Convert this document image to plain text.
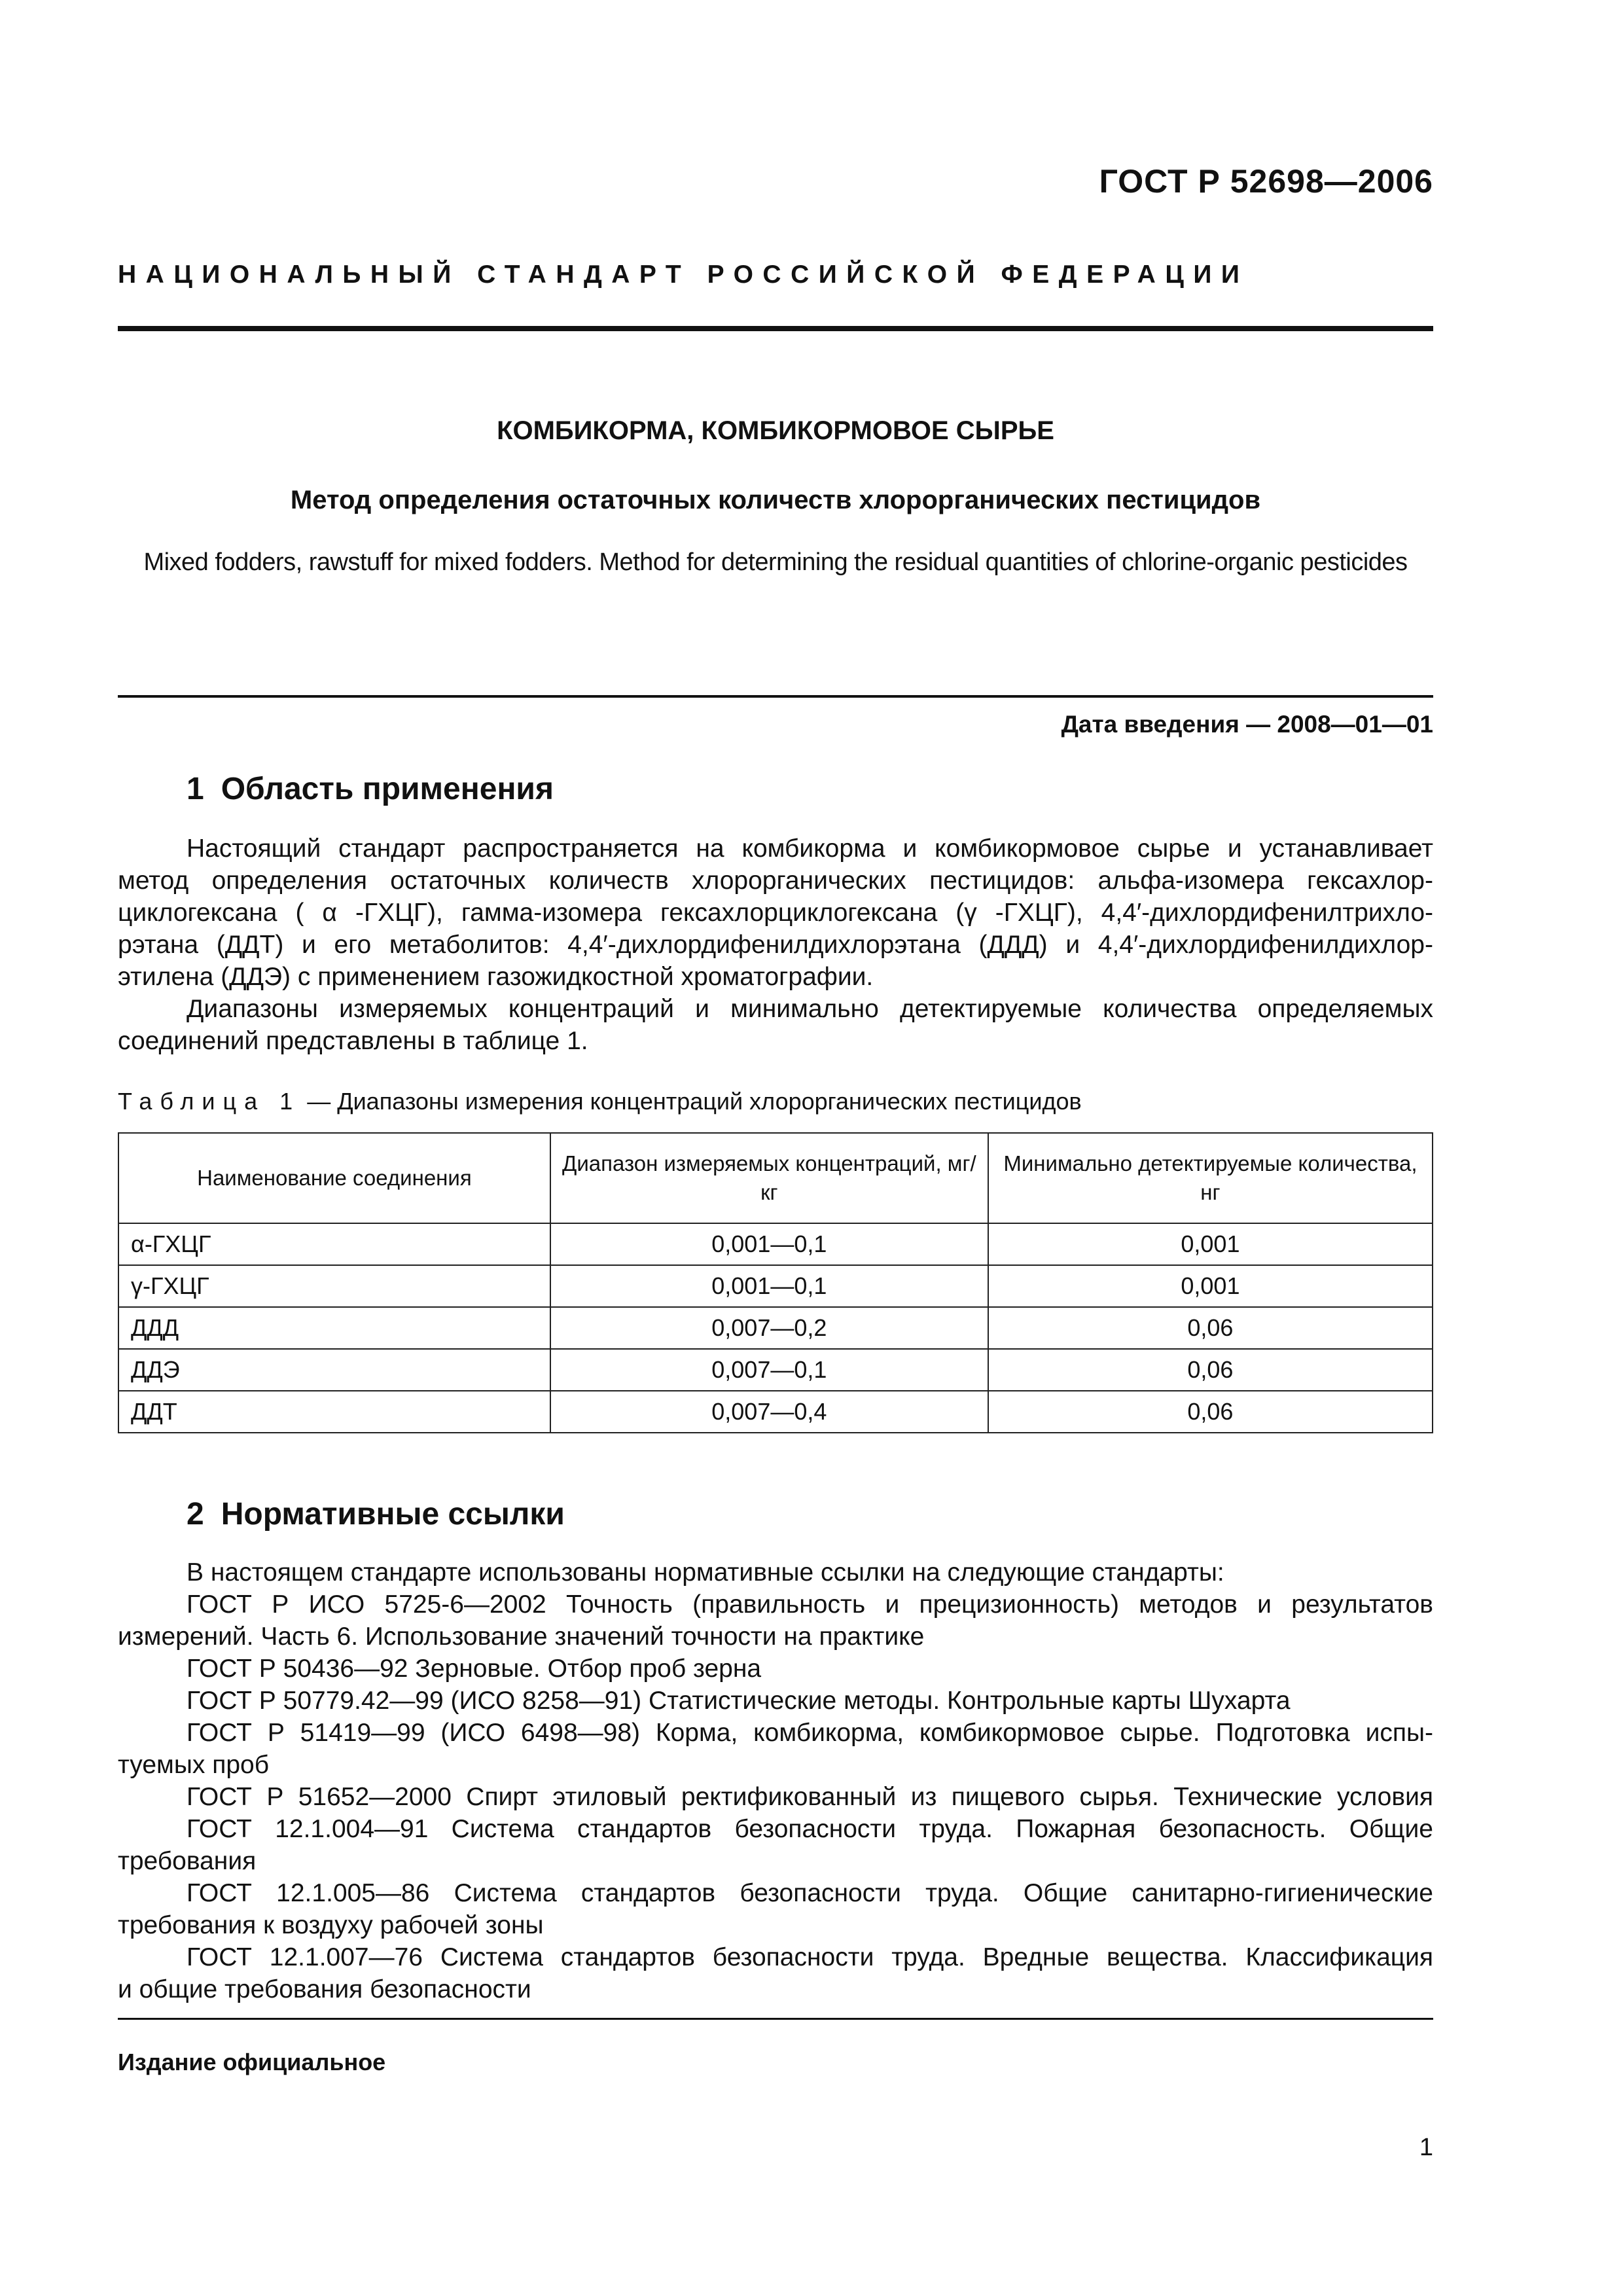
ГОСТ Р 52698—2006
НАЦИОНАЛЬНЫЙ СТАНДАРТ РОССИЙСКОЙ ФЕДЕРАЦИИ
КОМБИКОРМА, КОМБИКОРМОВОЕ СЫРЬЕ
Метод определения остаточных количеств хлорорганических пестицидов
Mixed fodders, rawstuff for mixed fodders. Method for determining the residual quantities of chlorine-organic pesticides
Дата введения — 2008—01—01
1 Область применения
Настоящий стандарт распространяется на комбикорма и комбикормовое сырье и устанавливает
метод определения остаточных количеств хлорорганических пестицидов: альфа-изомера гексахлор-
циклогексана ( α -ГХЦГ), гамма-изомера гексахлорциклогексана (γ -ГХЦГ), 4,4′-дихлордифенилтрихло-
рэтана (ДДТ) и его метаболитов: 4,4′-дихлордифенилдихлорэтана (ДДД) и 4,4′-дихлордифенилдихлор-
этилена (ДДЭ) с применением газожидкостной хроматографии.
Диапазоны измеряемых концентраций и минимально детектируемые количества определяемых
соединений представлены в таблице 1.
Таблица 1 — Диапазоны измерения концентраций хлорорганических пестицидов
Наименование соединения	Диапазон измеряемых концентраций, мг/кг	Минимально детектируемые количества, нг
α-ГХЦГ	0,001—0,1	0,001
γ-ГХЦГ	0,001—0,1	0,001
ДДД	0,007—0,2	0,06
ДДЭ	0,007—0,1	0,06
ДДТ	0,007—0,4	0,06
2 Нормативные ссылки
В настоящем стандарте использованы нормативные ссылки на следующие стандарты:
ГОСТ Р ИСО 5725-6—2002 Точность (правильность и прецизионность) методов и результатов
измерений. Часть 6. Использование значений точности на практике
ГОСТ Р 50436—92 Зерновые. Отбор проб зерна
ГОСТ Р 50779.42—99 (ИСО 8258—91) Статистические методы. Контрольные карты Шухарта
ГОСТ Р 51419—99 (ИСО 6498—98) Корма, комбикорма, комбикормовое сырье. Подготовка испы-
туемых проб
ГОСТ Р 51652—2000 Спирт этиловый ректификованный из пищевого сырья. Технические условия
ГОСТ 12.1.004—91 Система стандартов безопасности труда. Пожарная безопасность. Общие
требования
ГОСТ 12.1.005—86 Система стандартов безопасности труда. Общие санитарно-гигиенические
требования к воздуху рабочей зоны
ГОСТ 12.1.007—76 Система стандартов безопасности труда. Вредные вещества. Классификация
и общие требования безопасности
Издание официальное
1
